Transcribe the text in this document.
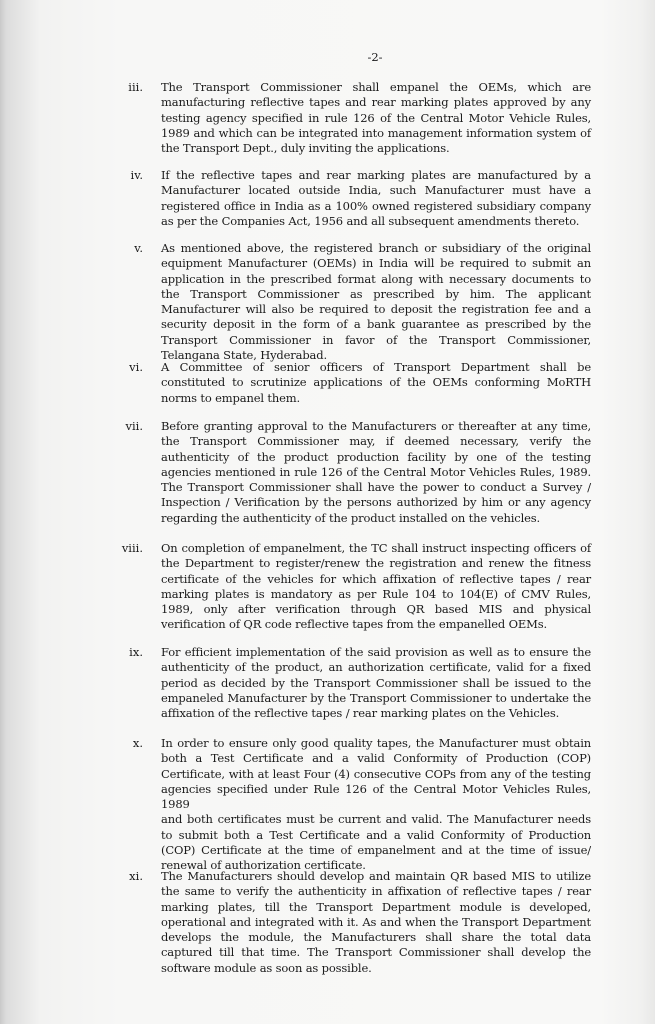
-2-
iii. The Transport Commissioner shall empanel the OEMs, which are manufacturing reflective tapes and rear marking plates approved by any testing agency specified in rule 126 of the Central Motor Vehicle Rules, 1989 and which can be integrated into management information system of the Transport Dept., duly inviting the applications.
iv. If the reflective tapes and rear marking plates are manufactured by a Manufacturer located outside India, such Manufacturer must have a registered office in India as a 100% owned registered subsidiary company as per the Companies Act, 1956 and all subsequent amendments thereto.
v. As mentioned above, the registered branch or subsidiary of the original equipment Manufacturer (OEMs) in India will be required to submit an application in the prescribed format along with necessary documents to the Transport Commissioner as prescribed by him. The applicant Manufacturer will also be required to deposit the registration fee and a security deposit in the form of a bank guarantee as prescribed by the Transport Commissioner in favor of the Transport Commissioner, Telangana State, Hyderabad.
vi. A Committee of senior officers of Transport Department shall be constituted to scrutinize applications of the OEMs conforming MoRTH norms to empanel them.
vii. Before granting approval to the Manufacturers or thereafter at any time, the Transport Commissioner may, if deemed necessary, verify the authenticity of the product production facility by one of the testing agencies mentioned in rule 126 of the Central Motor Vehicles Rules, 1989. The Transport Commissioner shall have the power to conduct a Survey / Inspection / Verification by the persons authorized by him or any agency regarding the authenticity of the product installed on the vehicles.
viii. On completion of empanelment, the TC shall instruct inspecting officers of the Department to register/renew the registration and renew the fitness certificate of the vehicles for which affixation of reflective tapes / rear marking plates is mandatory as per Rule 104 to 104(E) of CMV Rules, 1989, only after verification through QR based MIS and physical verification of QR code reflective tapes from the empanelled OEMs.
ix. For efficient implementation of the said provision as well as to ensure the authenticity of the product, an authorization certificate, valid for a fixed period as decided by the Transport Commissioner shall be issued to the empaneled Manufacturer by the Transport Commissioner to undertake the affixation of the reflective tapes / rear marking plates on the Vehicles.
x. In order to ensure only good quality tapes, the Manufacturer must obtain both a Test Certificate and a valid Conformity of Production (COP) Certificate, with at least Four (4) consecutive COPs from any of the testing agencies specified under Rule 126 of the Central Motor Vehicles Rules, 1989
and both certificates must be current and valid. The Manufacturer needs to submit both a Test Certificate and a valid Conformity of Production (COP) Certificate at the time of empanelment and at the time of issue/ renewal of authorization certificate.
xi. The Manufacturers should develop and maintain QR based MIS to utilize the same to verify the authenticity in affixation of reflective tapes / rear marking plates, till the Transport Department module is developed, operational and integrated with it. As and when the Transport Department develops the module, the Manufacturers shall share the total data captured till that time. The Transport Commissioner shall develop the software module as soon as possible.
